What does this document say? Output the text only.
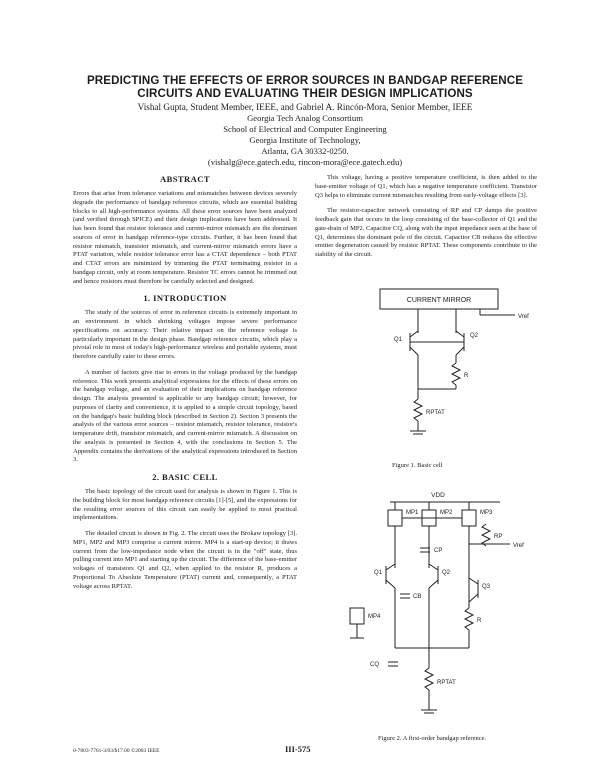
PREDICTING THE EFFECTS OF ERROR SOURCES IN BANDGAP REFERENCE
CIRCUITS AND EVALUATING THEIR DESIGN IMPLICATIONS
Vishal Gupta, Student Member, IEEE, and Gabriel A. Rincón-Mora, Senior Member, IEEE
Georgia Tech Analog Consortium
School of Electrical and Computer Engineering
Georgia Institute of Technology,
Atlanta, GA 30332-0250.
(vishalg@ece.gatech.edu, rincon-mora@ece.gatech.edu)
ABSTRACT

Errors that arise from tolerance variations and mismatches between devices severely degrade the performance of bandgap reference circuits, which are essential building blocks to all high-performance systems. All these error sources have been analyzed (and verified through SPICE) and their design implications have been addressed. It has been found that resistor tolerance and current-mirror mismatch are the dominant sources of error in bandgap reference-type circuits. Further, it has been found that resistor mismatch, transistor mismatch, and current-mirror mismatch errors have a PTAT variation, while resistor tolerance error has a CTAT dependence – both PTAT and CTAT errors are minimized by trimming the PTAT terminating resistor in a bandgap circuit, only at room temperature. Resistor TC errors cannot be trimmed out and hence resistors must therefore be carefully selected and designed.

1. INTRODUCTION

The study of the sources of error in reference circuits is extremely important in an environment in which shrinking voltages impose severe performance specifications on accuracy. Their relative impact on the reference voltage is particularly important in the design phase. Bandgap reference circuits, which play a pivotal role in most of today's high-performance wireless and portable systems, must therefore carefully cater to these errors.

A number of factors give rise to errors in the voltage produced by the bandgap reference. This work presents analytical expressions for the effects of these errors on the bandgap voltage, and an evaluation of their implications on bandgap reference design. The analysis presented is applicable to any bandgap circuit; however, for purposes of clarity and convenience, it is applied to a simple circuit topology, based on the bandgap's basic building block (described in Section 2). Section 3 presents the analysis of the various error sources – resistor mismatch, resistor tolerance, resistor's temperature drift, transistor mismatch, and current-mirror mismatch. A discussion on the analysis is presented in Section 4, with the conclusions in Section 5. The Appendix contains the derivations of the analytical expressions introduced in Section 3.

2. BASIC CELL

The basic topology of the circuit used for analysis is shown in Figure 1. This is the building block for most bandgap reference circuits [1]-[5], and the expressions for the resulting error sources of this circuit can easily be applied to most practical implementations.

The detailed circuit is shown in Fig. 2. The circuit uses the Brokaw topology [3]. MP1, MP2 and MP3 comprise a current mirror. MP4 is a start-up device; it draws current from the low-impedance node when the circuit is in the "off" state, thus pulling current into MP1 and starting up the circuit. The difference of the base-emitter voltages of transistors Q1 and Q2, when applied to the resistor R, produces a Proportional To Absolute Temperature (PTAT) current and, consequently, a PTAT voltage across RPTAT.

This voltage, having a positive temperature coefficient, is then added to the base-emitter voltage of Q1, which has a negative temperature coefficient. Transistor Q3 helps to eliminate current mismatches resulting from early-voltage effects [3].

The resistor-capacitor network consisting of RP and CP damps the positive feedback gain that occurs in the loop consisting of the base-collector of Q1 and the gate-drain of MP2. Capacitor CQ, along with the input impedance seen at the base of Q1, determines the dominant pole of the circuit. Capacitor CB reduces the effective emitter degeneration caused by resistor RPTAT. These components contribute to the stability of the circuit.

CURRENT MIRROR
Vref
Q1
Q2
R
RPTAT
Figure 1. Basic cell
VDD
MP1	MP2	MP3
RP
CP
Vref
Q1	Q2
Q3
CB
MP4
R
CQ
RPTAT
Figure 2. A first-order bandgap reference.
0-7803-7761-3/03/$17.00 ©2003 IEEE	III-575
